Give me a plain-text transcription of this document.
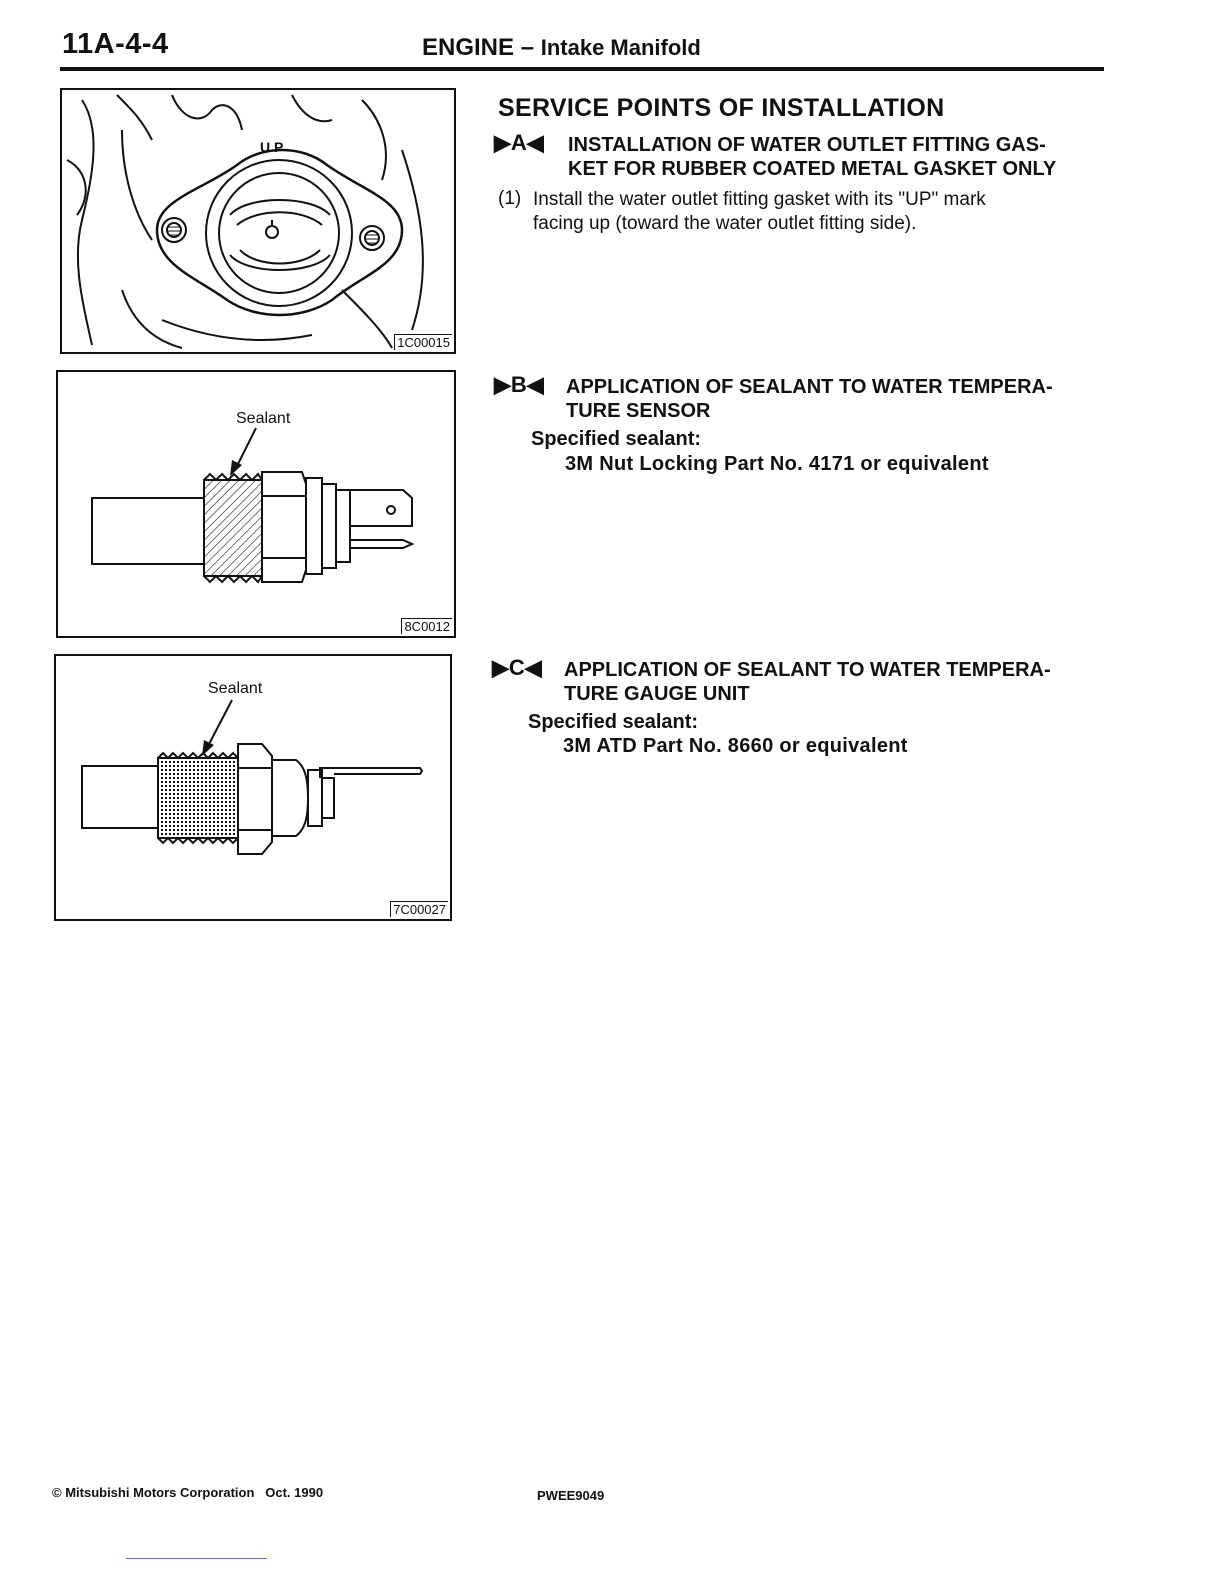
11A-4-4	ENGINE – Intake Manifold
U P
1C00015
Sealant
8C0012
Sealant
7C00027
SERVICE POINTS OF INSTALLATION
▶A◀ INSTALLATION OF WATER OUTLET FITTING GAS-
KET FOR RUBBER COATED METAL GASKET ONLY
(1) Install the water outlet fitting gasket with its "UP" mark
facing up (toward the water outlet fitting side).
▶B◀ APPLICATION OF SEALANT TO WATER TEMPERA-
TURE SENSOR
Specified sealant:
3M Nut Locking Part No. 4171 or equivalent
▶C◀ APPLICATION OF SEALANT TO WATER TEMPERA-
TURE GAUGE UNIT
Specified sealant:
3M ATD Part No. 8660 or equivalent
© Mitsubishi Motors Corporation   Oct. 1990	PWEE9049
